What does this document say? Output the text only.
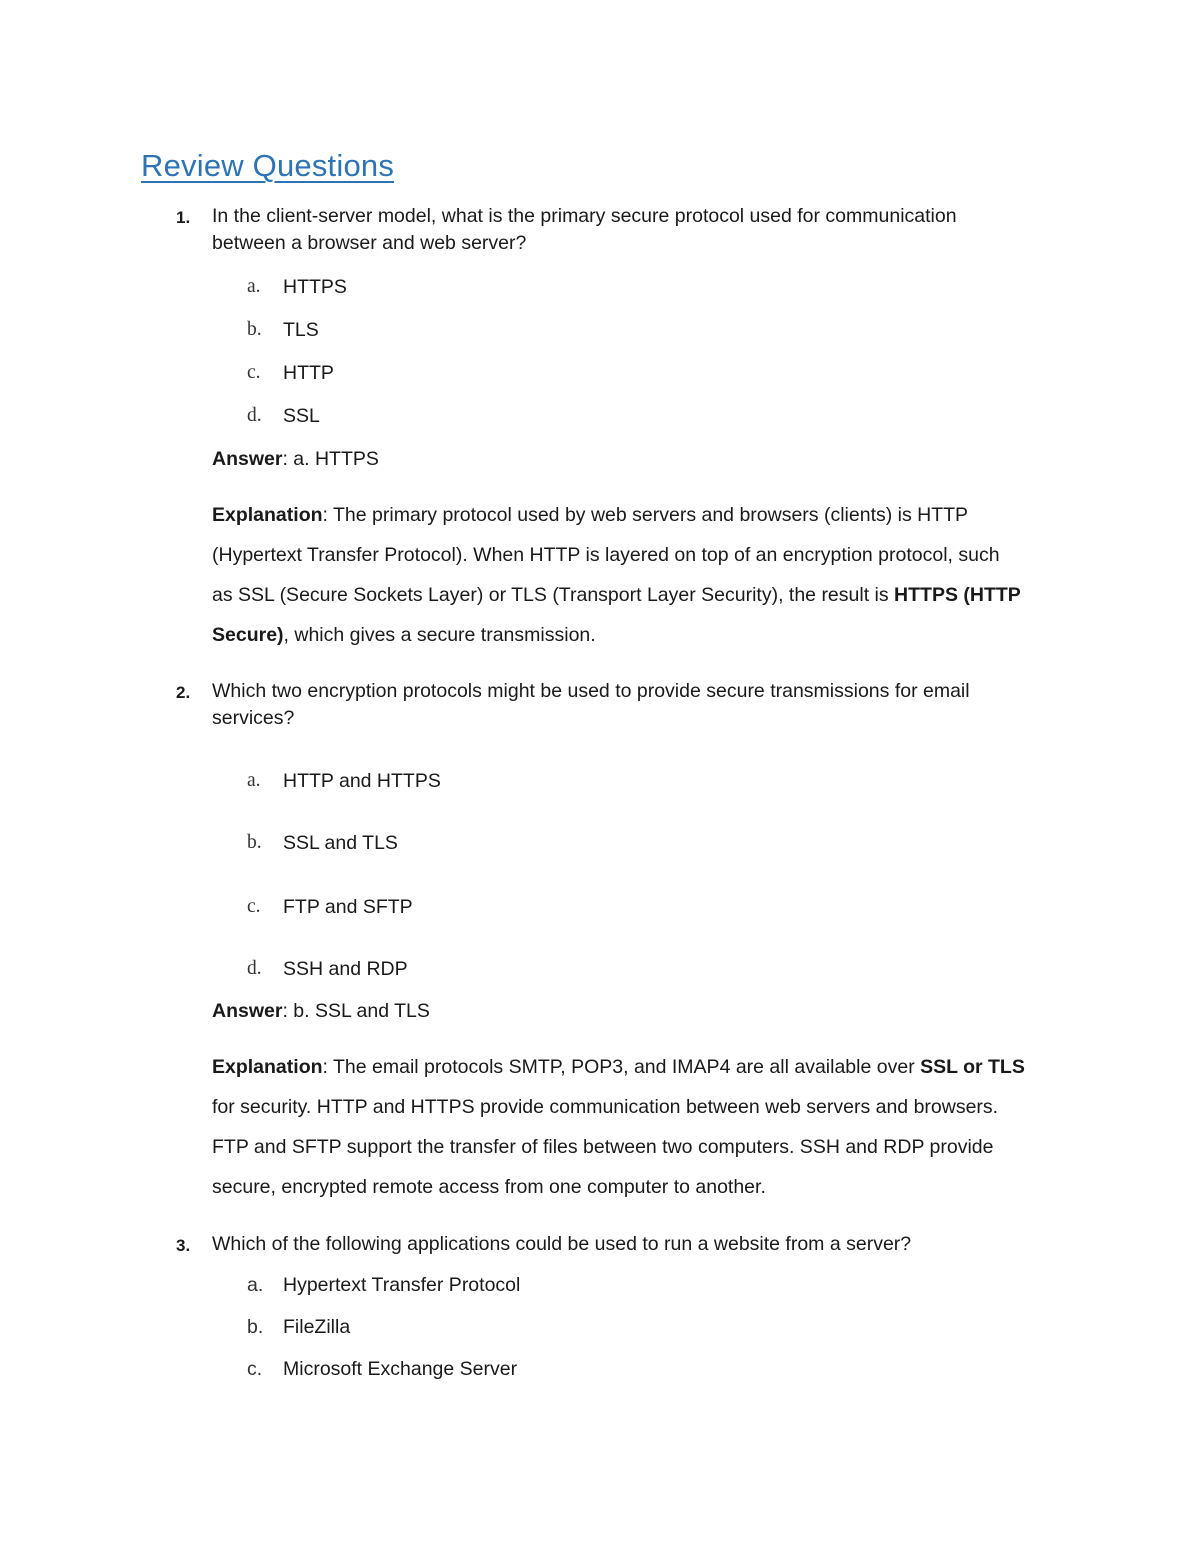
Review Questions
1. In the client-server model, what is the primary secure protocol used for communication
between a browser and web server?
a. HTTPS
b. TLS
c. HTTP
d. SSL
Answer: a. HTTPS
Explanation: The primary protocol used by web servers and browsers (clients) is HTTP
(Hypertext Transfer Protocol). When HTTP is layered on top of an encryption protocol, such
as SSL (Secure Sockets Layer) or TLS (Transport Layer Security), the result is HTTPS (HTTP
Secure), which gives a secure transmission.
2. Which two encryption protocols might be used to provide secure transmissions for email
services?
a. HTTP and HTTPS
b. SSL and TLS
c. FTP and SFTP
d. SSH and RDP
Answer: b. SSL and TLS
Explanation: The email protocols SMTP, POP3, and IMAP4 are all available over SSL or TLS
for security. HTTP and HTTPS provide communication between web servers and browsers.
FTP and SFTP support the transfer of files between two computers. SSH and RDP provide
secure, encrypted remote access from one computer to another.
3. Which of the following applications could be used to run a website from a server?
a. Hypertext Transfer Protocol
b. FileZilla
c. Microsoft Exchange Server
